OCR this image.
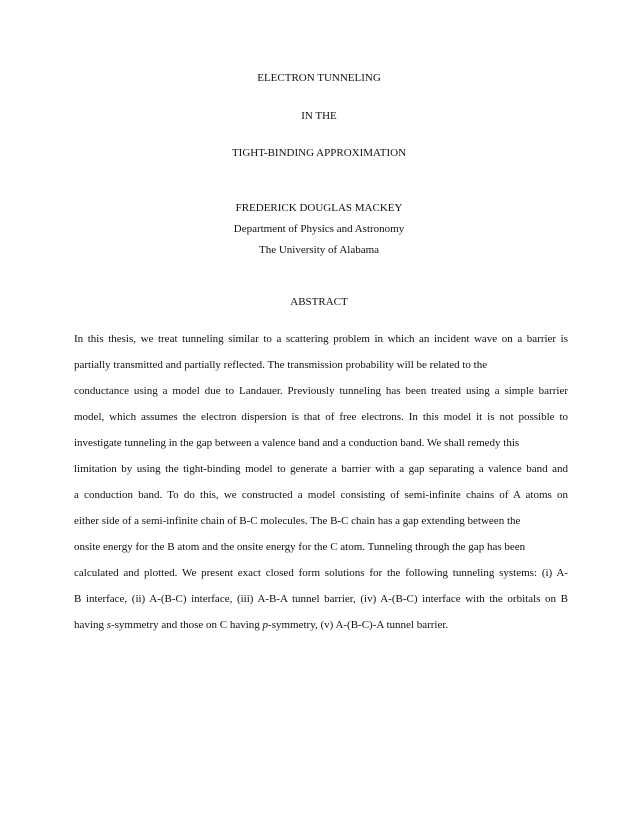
ELECTRON TUNNELING
IN THE
TIGHT-BINDING APPROXIMATION
FREDERICK DOUGLAS MACKEY
Department of Physics and Astronomy
The University of Alabama
ABSTRACT
In this thesis, we treat tunneling similar to a scattering problem in which an incident wave on a barrier is
partially transmitted and partially reflected. The transmission probability will be related to the
conductance using a model due to Landauer. Previously tunneling has been treated using a simple barrier
model, which assumes the electron dispersion is that of free electrons. In this model it is not possible to
investigate tunneling in the gap between a valence band and a conduction band. We shall remedy this
limitation by using the tight-binding model to generate a barrier with a gap separating a valence band and
a conduction band. To do this, we constructed a model consisting of semi-infinite chains of A atoms on
either side of a semi-infinite chain of B-C molecules. The B-C chain has a gap extending between the
onsite energy for the B atom and the onsite energy for the C atom. Tunneling through the gap has been
calculated and plotted. We present exact closed form solutions for the following tunneling systems: (i) A-
B interface, (ii) A-(B-C) interface, (iii) A-B-A tunnel barrier, (iv) A-(B-C) interface with the orbitals on B
having s-symmetry and those on C having p-symmetry, (v) A-(B-C)-A tunnel barrier.
